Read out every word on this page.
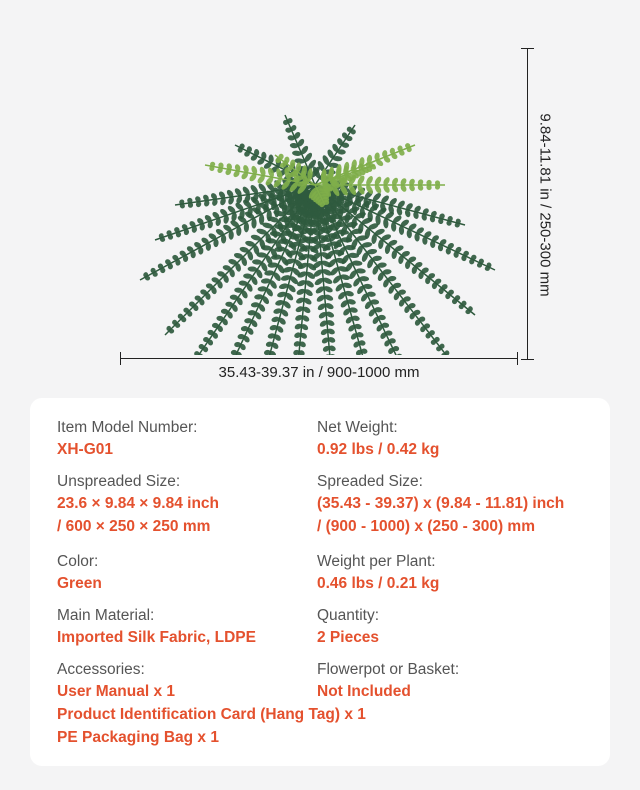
35.43-39.37 in / 900-1000 mm
9.84-11.81 in / 250-300 mm
Item Model Number:
XH-G01
Net Weight:
0.92 lbs / 0.42 kg
Unspreaded Size:
23.6 × 9.84 × 9.84 inch
/ 600 × 250 × 250 mm
Spreaded Size:
(35.43 - 39.37) x (9.84 - 11.81) inch
/ (900 - 1000) x (250 - 300) mm
Color:
Green
Weight per Plant:
0.46 lbs / 0.21 kg
Main Material:
Imported Silk Fabric, LDPE
Quantity:
2 Pieces
Accessories:
User Manual x 1
Product Identification Card (Hang Tag) x 1
PE Packaging Bag x 1
Flowerpot or Basket:
Not Included
